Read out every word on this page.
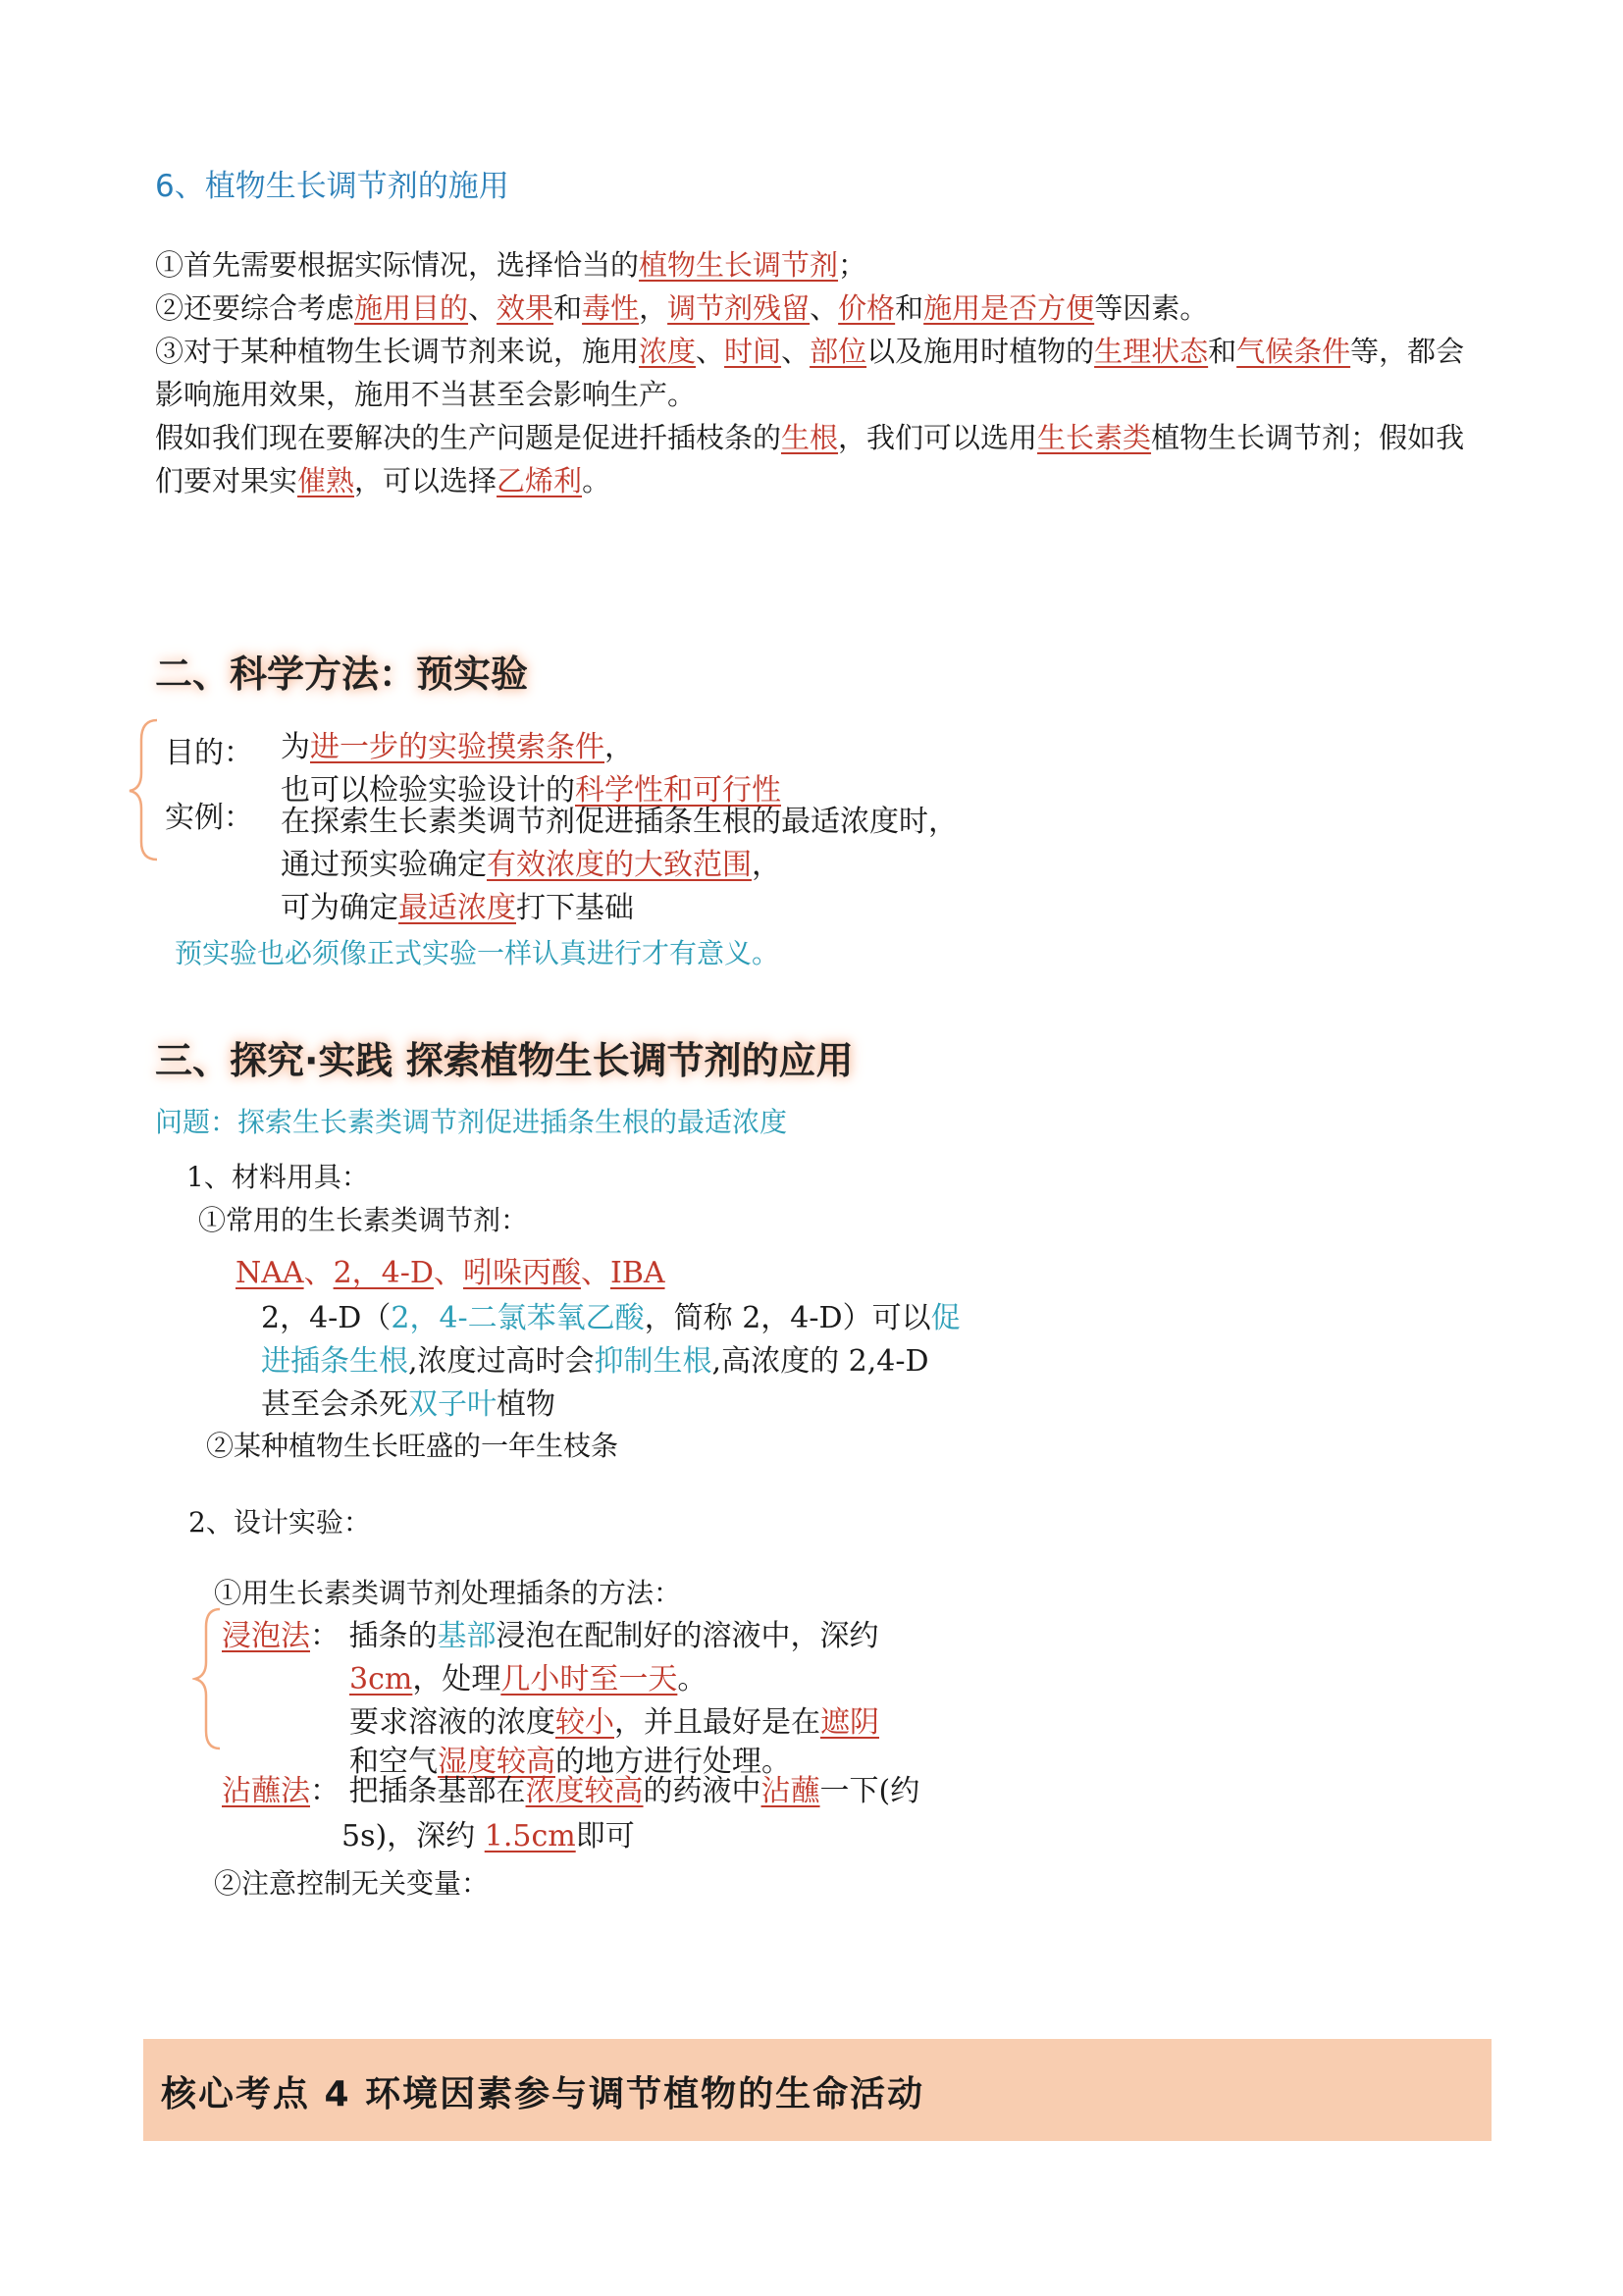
6、植物生长调节剂的施用
①首先需要根据实际情况，选择恰当的植物生长调节剂；
②还要综合考虑施用目的、效果和毒性，调节剂残留、价格和施用是否方便等因素。
③对于某种植物生长调节剂来说，施用浓度、时间、部位以及施用时植物的生理状态和气候条件等，都会
影响施用效果，施用不当甚至会影响生产。
假如我们现在要解决的生产问题是促进扦插枝条的生根，我们可以选用生长素类植物生长调节剂；假如我
们要对果实催熟，可以选择乙烯利。
二、科学方法：预实验
目的： 为进一步的实验摸索条件，
也可以检验实验设计的科学性和可行性
实例： 在探索生长素类调节剂促进插条生根的最适浓度时，
通过预实验确定有效浓度的大致范围，
可为确定最适浓度打下基础
预实验也必须像正式实验一样认真进行才有意义。
三、探究·实践 探索植物生长调节剂的应用
问题：探索生长素类调节剂促进插条生根的最适浓度
1、材料用具：
①常用的生长素类调节剂：
NAA、2，4-D、吲哚丙酸、IBA
2，4-D（2，4-二氯苯氧乙酸，简称 2，4-D）可以促
进插条生根,浓度过高时会抑制生根,高浓度的 2,4-D
甚至会杀死双子叶植物
②某种植物生长旺盛的一年生枝条
2、设计实验：
①用生长素类调节剂处理插条的方法：
浸泡法： 插条的基部浸泡在配制好的溶液中，深约
3cm，处理几小时至一天。
要求溶液的浓度较小，并且最好是在遮阴
和空气湿度较高的地方进行处理。
沾蘸法： 把插条基部在浓度较高的药液中沾蘸一下(约
5s)，深约 1.5cm即可
②注意控制无关变量：
核心考点 4 环境因素参与调节植物的生命活动
